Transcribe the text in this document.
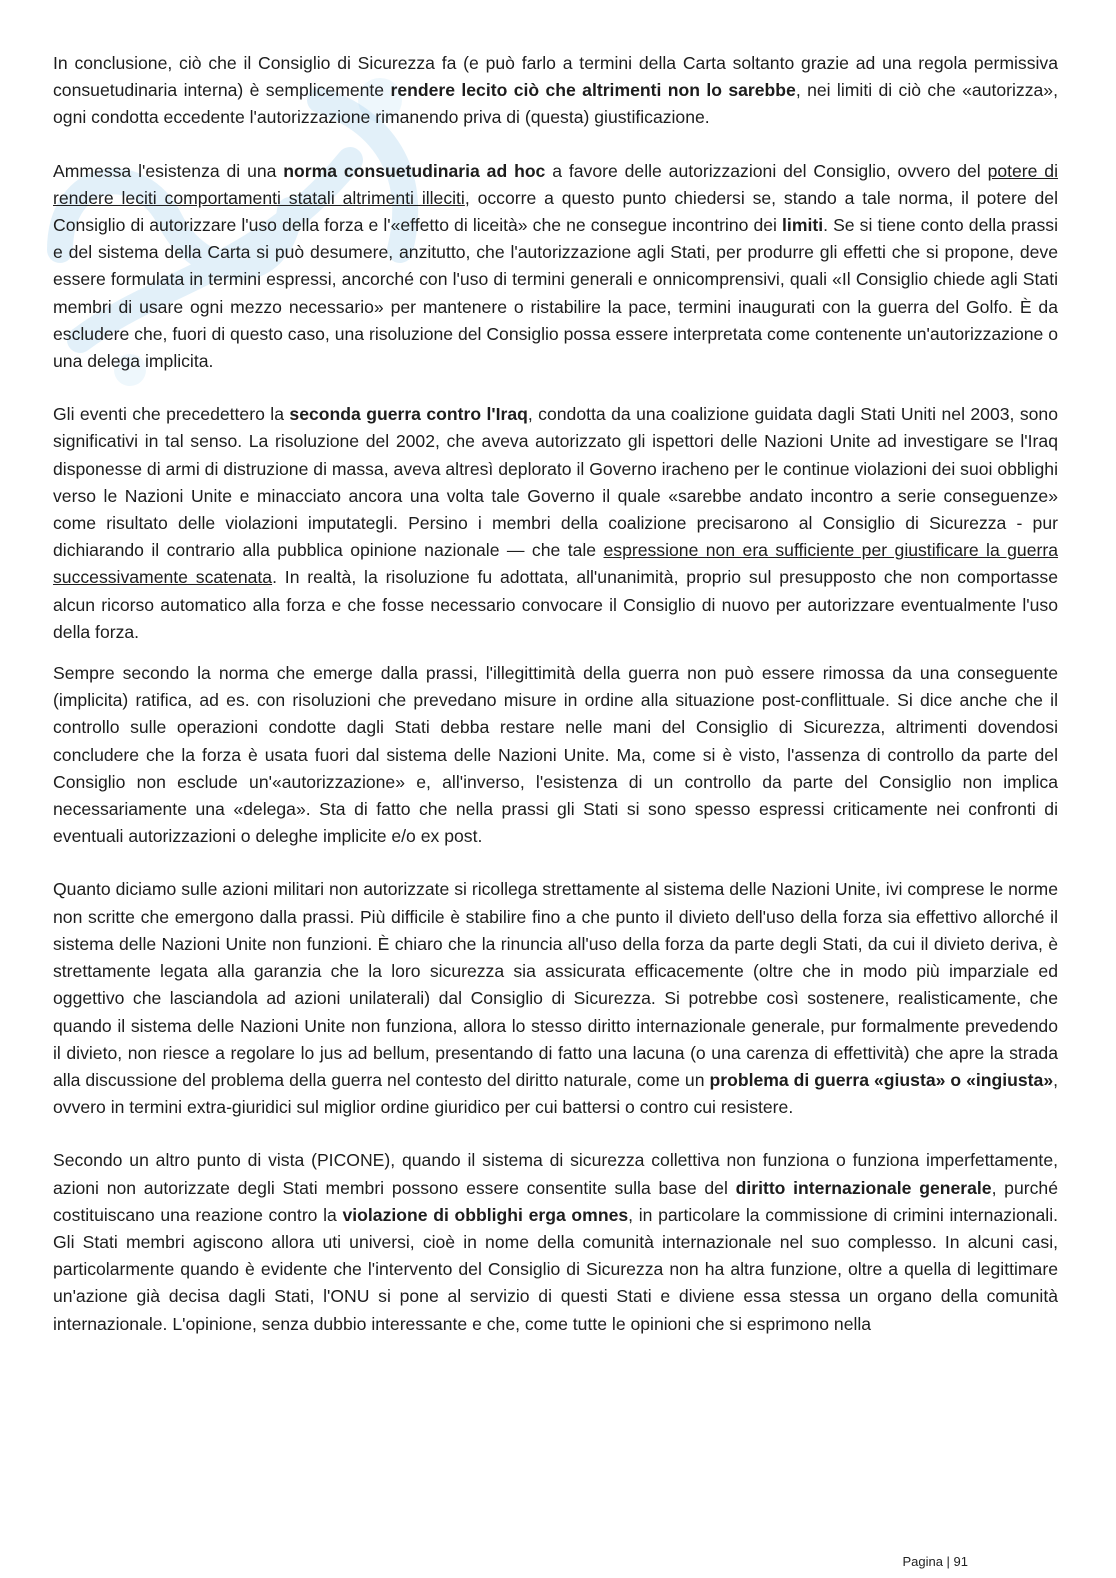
In conclusione, ciò che il Consiglio di Sicurezza fa (e può farlo a termini della Carta soltanto grazie ad una regola permissiva consuetudinaria interna) è semplicemente rendere lecito ciò che altrimenti non lo sarebbe, nei limiti di ciò che «autorizza», ogni condotta eccedente l'autorizzazione rimanendo priva di (questa) giustificazione.

Ammessa l'esistenza di una norma consuetudinaria ad hoc a favore delle autorizzazioni del Consiglio, ovvero del potere di rendere leciti comportamenti statali altrimenti illeciti, occorre a questo punto chiedersi se, stando a tale norma, il potere del Consiglio di autorizzare l'uso della forza e l'«effetto di liceità» che ne consegue incontrino dei limiti. Se si tiene conto della prassi e del sistema della Carta si può desumere, anzitutto, che l'autorizzazione agli Stati, per produrre gli effetti che si propone, deve essere formulata in termini espressi, ancorché con l'uso di termini generali e onnicomprensivi, quali «Il Consiglio chiede agli Stati membri di usare ogni mezzo necessario» per mantenere o ristabilire la pace, termini inaugurati con la guerra del Golfo. È da escludere che, fuori di questo caso, una risoluzione del Consiglio possa essere interpretata come contenente un'autorizzazione o una delega implicita.

Gli eventi che precedettero la seconda guerra contro l'Iraq, condotta da una coalizione guidata dagli Stati Uniti nel 2003, sono significativi in tal senso. La risoluzione del 2002, che aveva autorizzato gli ispettori delle Nazioni Unite ad investigare se l'Iraq disponesse di armi di distruzione di massa, aveva altresì deplorato il Governo iracheno per le continue violazioni dei suoi obblighi verso le Nazioni Unite e minacciato ancora una volta tale Governo il quale «sarebbe andato incontro a serie conseguenze» come risultato delle violazioni imputategli. Persino i membri della coalizione precisarono al Consiglio di Sicurezza - pur dichiarando il contrario alla pubblica opinione nazionale — che tale espressione non era sufficiente per giustificare la guerra successivamente scatenata. In realtà, la risoluzione fu adottata, all'unanimità, proprio sul presupposto che non comportasse alcun ricorso automatico alla forza e che fosse necessario convocare il Consiglio di nuovo per autorizzare eventualmente l'uso della forza.

Sempre secondo la norma che emerge dalla prassi, l'illegittimità della guerra non può essere rimossa da una conseguente (implicita) ratifica, ad es. con risoluzioni che prevedano misure in ordine alla situazione post-conflittuale. Si dice anche che il controllo sulle operazioni condotte dagli Stati debba restare nelle mani del Consiglio di Sicurezza, altrimenti dovendosi concludere che la forza è usata fuori dal sistema delle Nazioni Unite. Ma, come si è visto, l'assenza di controllo da parte del Consiglio non esclude un'«autorizzazione» e, all'inverso, l'esistenza di un controllo da parte del Consiglio non implica necessariamente una «delega». Sta di fatto che nella prassi gli Stati si sono spesso espressi criticamente nei confronti di eventuali autorizzazioni o deleghe implicite e/o ex post.

Quanto diciamo sulle azioni militari non autorizzate si ricollega strettamente al sistema delle Nazioni Unite, ivi comprese le norme non scritte che emergono dalla prassi. Più difficile è stabilire fino a che punto il divieto dell'uso della forza sia effettivo allorché il sistema delle Nazioni Unite non funzioni. È chiaro che la rinuncia all'uso della forza da parte degli Stati, da cui il divieto deriva, è strettamente legata alla garanzia che la loro sicurezza sia assicurata efficacemente (oltre che in modo più imparziale ed oggettivo che lasciandola ad azioni unilaterali) dal Consiglio di Sicurezza. Si potrebbe così sostenere, realisticamente, che quando il sistema delle Nazioni Unite non funziona, allora lo stesso diritto internazionale generale, pur formalmente prevedendo il divieto, non riesce a regolare lo jus ad bellum, presentando di fatto una lacuna (o una carenza di effettività) che apre la strada alla discussione del problema della guerra nel contesto del diritto naturale, come un problema di guerra «giusta» o «ingiusta», ovvero in termini extra-giuridici sul miglior ordine giuridico per cui battersi o contro cui resistere.

Secondo un altro punto di vista (PICONE), quando il sistema di sicurezza collettiva non funziona o funziona imperfettamente, azioni non autorizzate degli Stati membri possono essere consentite sulla base del diritto internazionale generale, purché costituiscano una reazione contro la violazione di obblighi erga omnes, in particolare la commissione di crimini internazionali. Gli Stati membri agiscono allora uti universi, cioè in nome della comunità internazionale nel suo complesso. In alcuni casi, particolarmente quando è evidente che l'intervento del Consiglio di Sicurezza non ha altra funzione, oltre a quella di legittimare un'azione già decisa dagli Stati, l'ONU si pone al servizio di questi Stati e diviene essa stessa un organo della comunità internazionale. L'opinione, senza dubbio interessante e che, come tutte le opinioni che si esprimono nella

Pagina | 91
